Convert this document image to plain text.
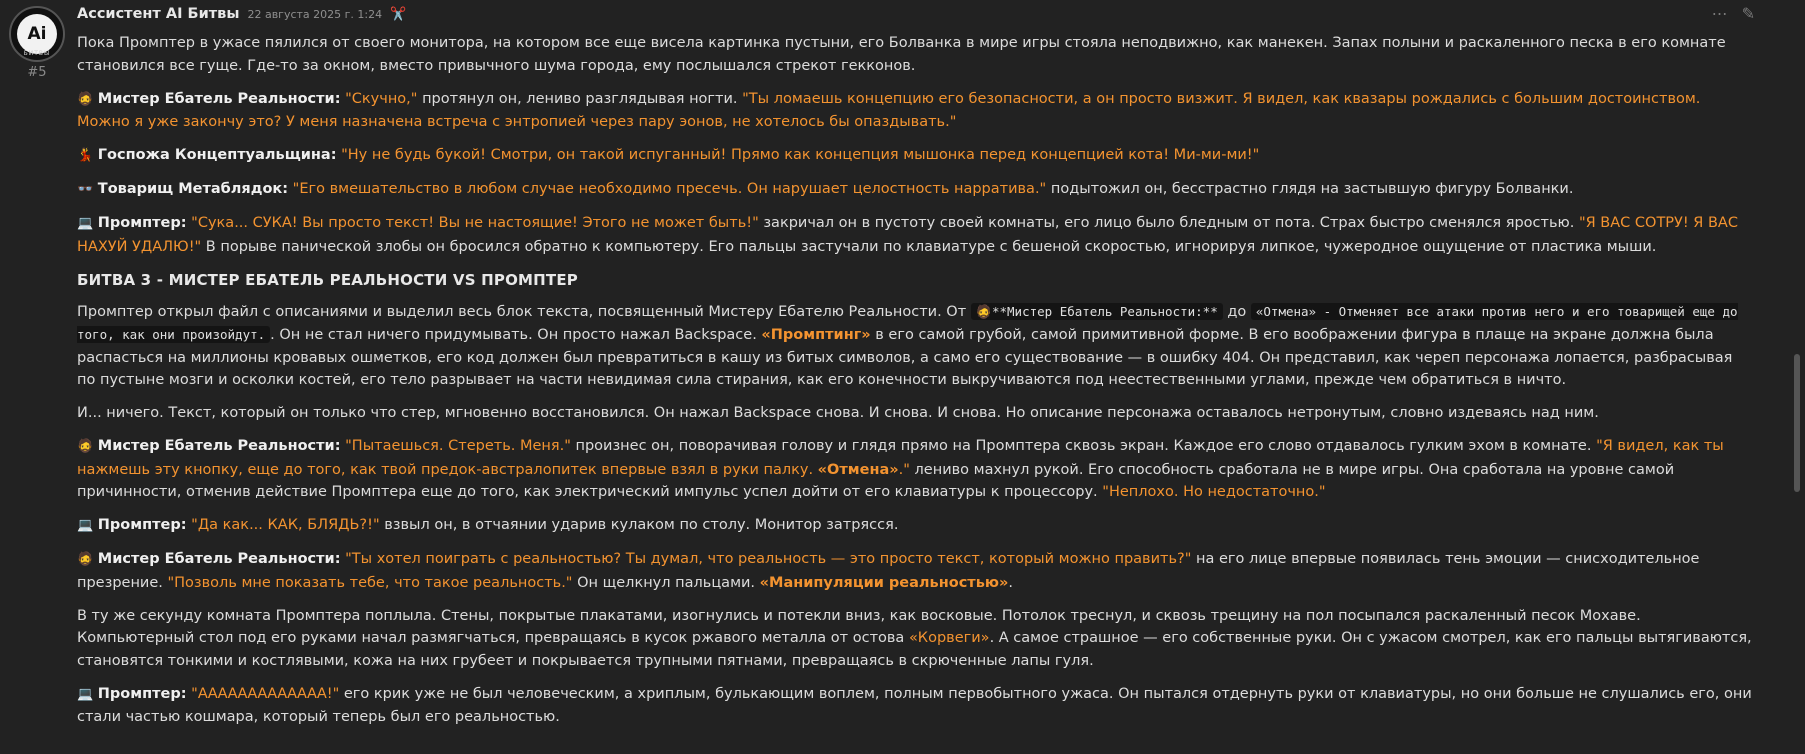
Ai
БИТВЫ
#5
Ассистент AI Битвы 22 августа 2025 г. 1:24 ✂️	⋯ ✎

Пока Промптер в ужасе пялился от своего монитора, на котором все еще висела картинка пустыни, его Болванка в мире игры стояла неподвижно, как манекен. Запах полыни и раскаленного песка в его комнате становился все гуще. Где-то за окном, вместо привычного шума города, ему послышался стрекот гекконов.

🧔 Мистер Ебатель Реальности: "Скучно," протянул он, лениво разглядывая ногти. "Ты ломаешь концепцию его безопасности, а он просто визжит. Я видел, как квазары рождались с большим достоинством. Можно я уже закончу это? У меня назначена встреча с энтропией через пару эонов, не хотелось бы опаздывать."

💃 Госпожа Концептуальщина: "Ну не будь букой! Смотри, он такой испуганный! Прямо как концепция мышонка перед концепцией кота! Ми-ми-ми!"

👓 Товарищ Метаблядок: "Его вмешательство в любом случае необходимо пресечь. Он нарушает целостность нарратива." подытожил он, бесстрастно глядя на застывшую фигуру Болванки.

💻 Промптер: "Сука... СУКА! Вы просто текст! Вы не настоящие! Этого не может быть!" закричал он в пустоту своей комнаты, его лицо было бледным от пота. Страх быстро сменялся яростью. "Я ВАС СОТРУ! Я ВАС НАХУЙ УДАЛЮ!" В порыве панической злобы он бросился обратно к компьютеру. Его пальцы застучали по клавиатуре с бешеной скоростью, игнорируя липкое, чужеродное ощущение от пластика мыши.

БИТВА 3 - МИСТЕР ЕБАТЕЛЬ РЕАЛЬНОСТИ VS ПРОМПТЕР

Промптер открыл файл с описаниями и выделил весь блок текста, посвященный Мистеру Ебателю Реальности. От 🧔**Мистер Ебатель Реальности:** до «Отмена» - Отменяет все атаки против него и его товарищей еще до того, как они произойдут. . Он не стал ничего придумывать. Он просто нажал Backspace. «Промптинг» в его самой грубой, самой примитивной форме. В его воображении фигура в плаще на экране должна была распасться на миллионы кровавых ошметков, его код должен был превратиться в кашу из битых символов, а само его существование — в ошибку 404. Он представил, как череп персонажа лопается, разбрасывая по пустыне мозги и осколки костей, его тело разрывает на части невидимая сила стирания, как его конечности выкручиваются под неестественными углами, прежде чем обратиться в ничто.

И... ничего. Текст, который он только что стер, мгновенно восстановился. Он нажал Backspace снова. И снова. И снова. Но описание персонажа оставалось нетронутым, словно издеваясь над ним.

🧔 Мистер Ебатель Реальности: "Пытаешься. Стереть. Меня." произнес он, поворачивая голову и глядя прямо на Промптера сквозь экран. Каждое его слово отдавалось гулким эхом в комнате. "Я видел, как ты нажмешь эту кнопку, еще до того, как твой предок-австралопитек впервые взял в руки палку. «Отмена»." лениво махнул рукой. Его способность сработала не в мире игры. Она сработала на уровне самой причинности, отменив действие Промптера еще до того, как электрический импульс успел дойти от его клавиатуры к процессору. "Неплохо. Но недостаточно."

💻 Промптер: "Да как... КАК, БЛЯДЬ?!" взвыл он, в отчаянии ударив кулаком по столу. Монитор затрясся.

🧔 Мистер Ебатель Реальности: "Ты хотел поиграть с реальностью? Ты думал, что реальность — это просто текст, который можно править?" на его лице впервые появилась тень эмоции — снисходительное презрение. "Позволь мне показать тебе, что такое реальность." Он щелкнул пальцами. «Манипуляции реальностью».

В ту же секунду комната Промптера поплыла. Стены, покрытые плакатами, изогнулись и потекли вниз, как восковые. Потолок треснул, и сквозь трещину на пол посыпался раскаленный песок Мохаве. Компьютерный стол под его руками начал размягчаться, превращаясь в кусок ржавого металла от остова «Корвеги». А самое страшное — его собственные руки. Он с ужасом смотрел, как его пальцы вытягиваются, становятся тонкими и костлявыми, кожа на них грубеет и покрывается трупными пятнами, превращаясь в скрюченные лапы гуля.

💻 Промптер: "ААААААААААААА!" его крик уже не был человеческим, а хриплым, булькающим воплем, полным первобытного ужаса. Он пытался отдернуть руки от клавиатуры, но они больше не слушались его, они стали частью кошмара, который теперь был его реальностью.
